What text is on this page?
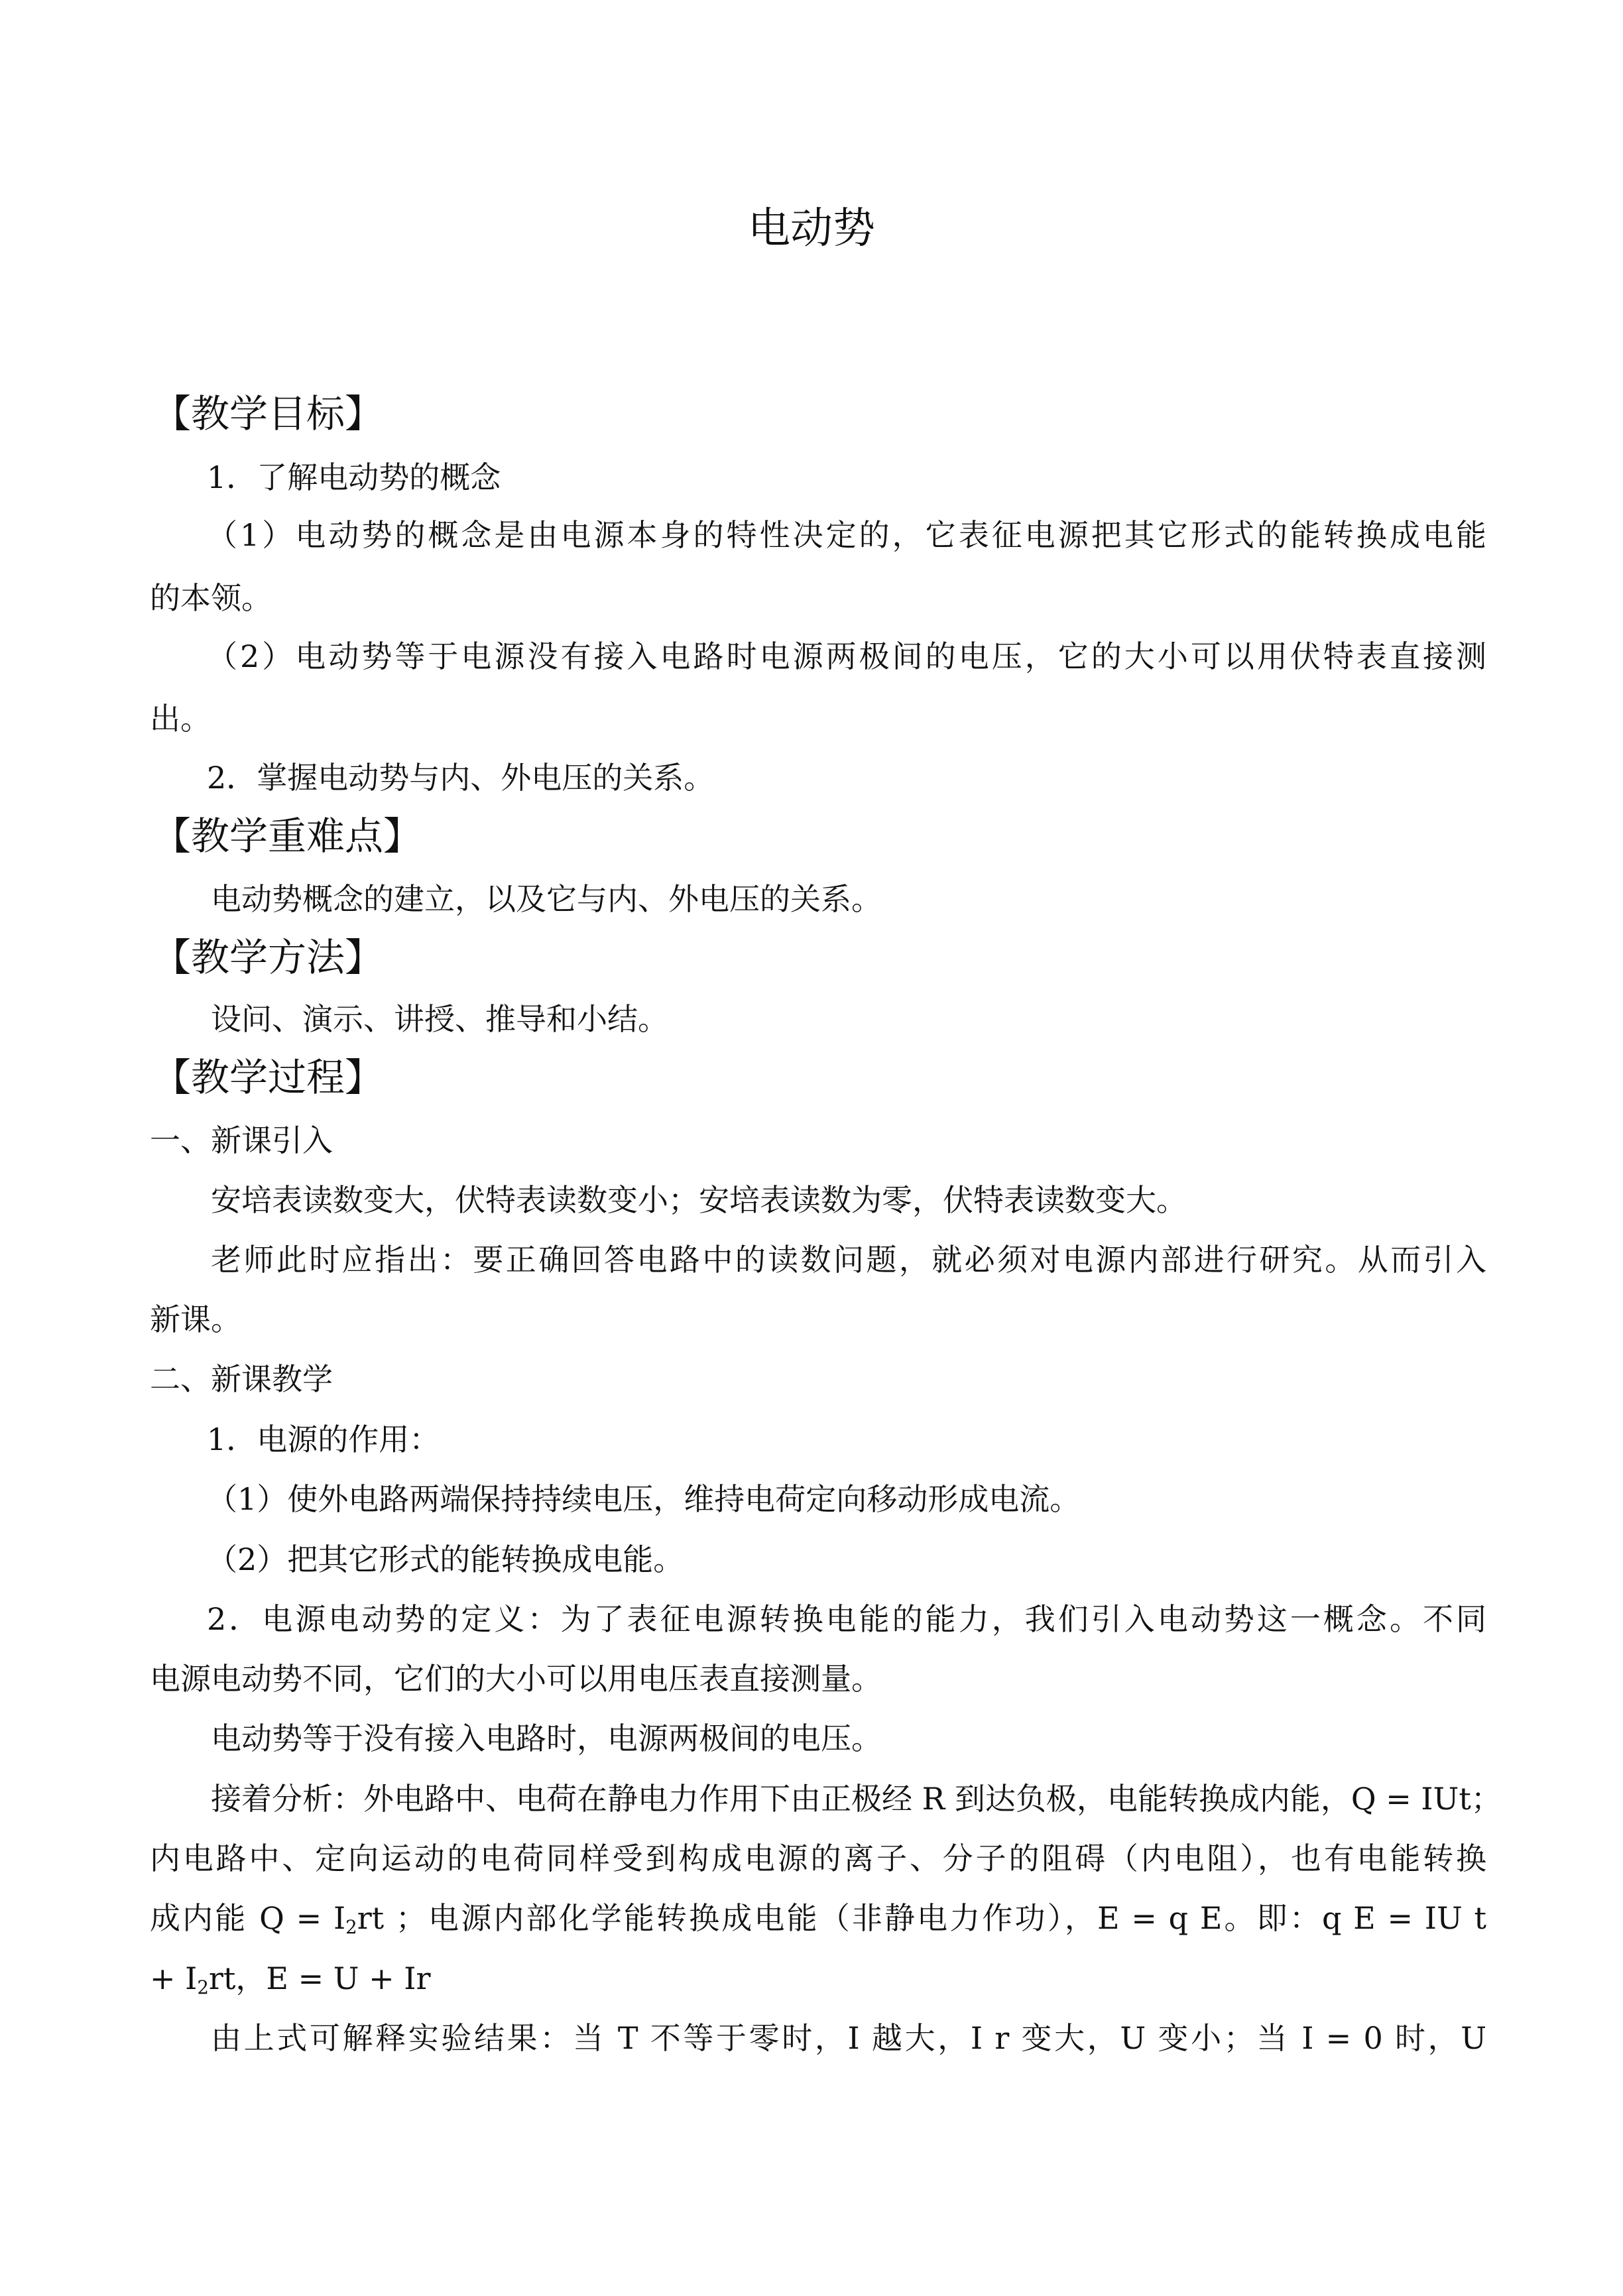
电动势
【教学目标】
1．了解电动势的概念
（1）电动势的概念是由电源本身的特性决定的，它表征电源把其它形式的能转换成电能
的本领。
（2）电动势等于电源没有接入电路时电源两极间的电压，它的大小可以用伏特表直接测
出。
2．掌握电动势与内、外电压的关系。
【教学重难点】
电动势概念的建立，以及它与内、外电压的关系。
【教学方法】
设问、演示、讲授、推导和小结。
【教学过程】
一、新课引入
安培表读数变大，伏特表读数变小；安培表读数为零，伏特表读数变大。
老师此时应指出：要正确回答电路中的读数问题，就必须对电源内部进行研究。从而引入
新课。
二、新课教学
1．电源的作用：
（1）使外电路两端保持持续电压，维持电荷定向移动形成电流。
（2）把其它形式的能转换成电能。
2．电源电动势的定义：为了表征电源转换电能的能力，我们引入电动势这一概念。不同
电源电动势不同，它们的大小可以用电压表直接测量。
电动势等于没有接入电路时，电源两极间的电压。
接着分析：外电路中、电荷在静电力作用下由正极经 R 到达负极，电能转换成内能，Q = IUt；
内电路中、定向运动的电荷同样受到构成电源的离子、分子的阻碍（内电阻），也有电能转换
成内能 $Q = I_2rt$ ；电源内部化学能转换成电能（非静电力作功），E = q E。即：q E = IU t
+ $I_2rt$，E = U + Ir
由上式可解释实验结果：当 T 不等于零时，I 越大，I r 变大，U 变小；当 I = 0 时，U
